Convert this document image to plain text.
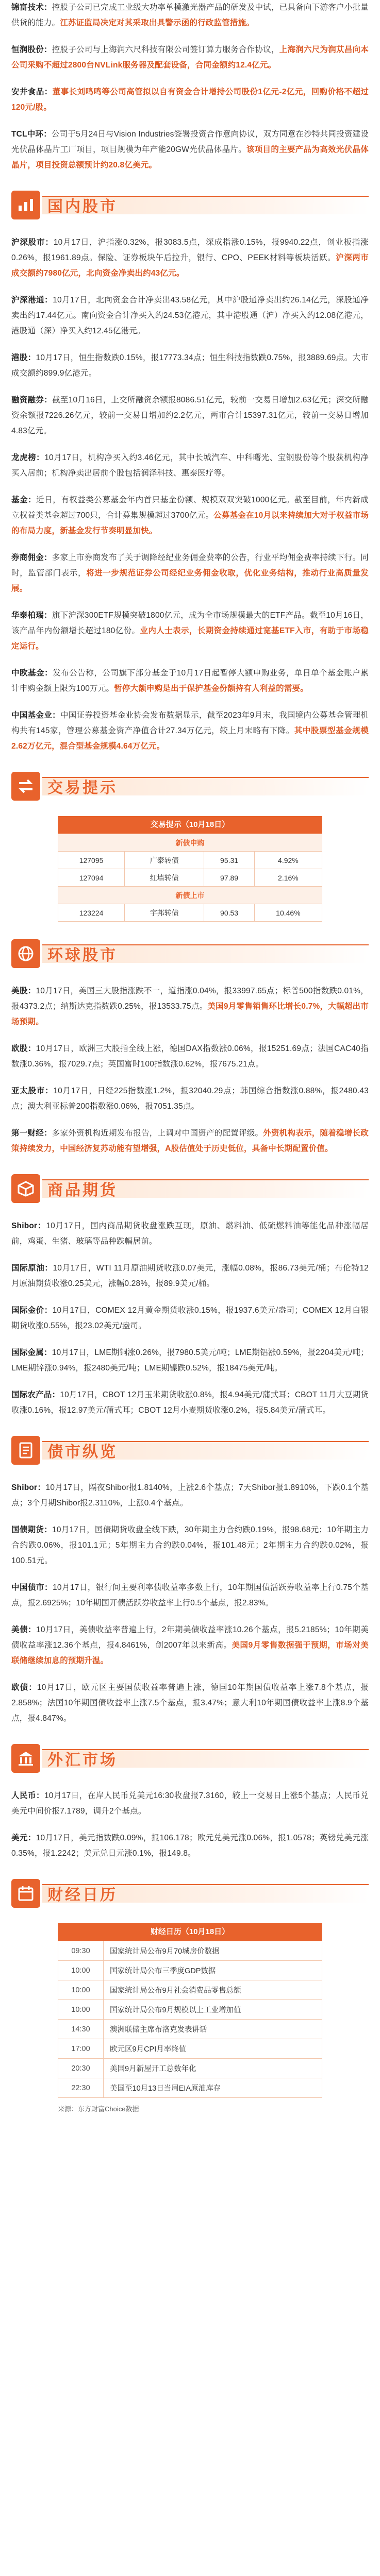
锦富技术：控股子公司已完成工业级大功率单模激光器产品的研发及中试，已具备向下游客户小批量供货的能力。江苏证监局决定对其采取出具警示函的行政监管措施。

恒润股份：控股子公司与上海润六尺科技有限公司签订算力服务合作协议，上海润六尺为润苁昌向本公司采购不超过2800台NVLink服务器及配套设备，合同金额约12.4亿元。

安井食品：董事长刘鸣鸣等公司高管拟以自有资金合计增持公司股份1亿元-2亿元，回购价格不超过120元/股。

TCL中环：公司于5月24日与Vision Industries签署投资合作意向协议，双方同意在沙特共同投资建设光伏晶体晶片工厂项目，项目规模为年产能20GW光伏晶体晶片。该项目的主要产品为高效光伏晶体晶片，项目投资总额预计约20.8亿美元。

国内股市

沪深股市：10月17日，沪指涨0.32%，报3083.5点，深成指涨0.15%，报9940.22点，创业板指涨0.26%，报1961.89点。保险、证券板块午后拉升，银行、CPO、PEEK材料等板块活跃。沪深两市成交额约7980亿元，北向资金净卖出约43亿元。

沪深港通：10月17日，北向资金合计净卖出43.58亿元，其中沪股通净卖出约26.14亿元，深股通净卖出约17.44亿元。南向资金合计净买入约24.53亿港元，其中港股通（沪）净买入约12.08亿港元，港股通（深）净买入约12.45亿港元。

港股：10月17日，恒生指数跌0.15%，报17773.34点；恒生科技指数跌0.75%，报3889.69点。大市成交额约899.9亿港元。

融资融券：截至10月16日，上交所融资余额报8086.51亿元，较前一交易日增加2.63亿元；深交所融资余额报7226.26亿元，较前一交易日增加约2.2亿元，两市合计15397.31亿元，较前一交易日增加4.83亿元。

龙虎榜：10月17日，机构净买入约3.46亿元，其中长城汽车、中科曙光、宝钢股份等个股获机构净买入居前；机构净卖出居前个股包括润泽科技、惠泰医疗等。

基金：近日，有权益类公募基金年内首只基金份额、规模双双突破1000亿元。截至目前，年内新成立权益类基金超过700只，合计募集规模超过3700亿元。公募基金在10月以来持续加大对于权益市场的布局力度，新基金发行节奏明显加快。

券商佣金：多家上市券商发布了关于调降经纪业务佣金费率的公告，行业平均佣金费率持续下行。同时，监管部门表示，将进一步规范证券公司经纪业务佣金收取，优化业务结构，推动行业高质量发展。

华泰柏瑞：旗下沪深300ETF规模突破1800亿元，成为全市场规模最大的ETF产品。截至10月16日，该产品年内份额增长超过180亿份。业内人士表示，长期资金持续通过宽基ETF入市，有助于市场稳定运行。

中欧基金：发布公告称，公司旗下部分基金于10月17日起暂停大额申购业务，单日单个基金账户累计申购金额上限为100万元。暂停大额申购是出于保护基金份额持有人利益的需要。

中国基金业：中国证券投资基金业协会发布数据显示，截至2023年9月末，我国境内公募基金管理机构共有145家，管理公募基金资产净值合计27.34万亿元，较上月末略有下降。其中股票型基金规模2.62万亿元，混合型基金规模4.64万亿元。

交易提示
交易提示（10月18日）
新债申购			
127095	广泰转债	95.31	4.92%
127094	红墙转债	97.89	2.16%
新债上市			
123224	宇邦转债	90.53	10.46%
环球股市

美股：10月17日，美国三大股指涨跌不一，道指涨0.04%，报33997.65点；标普500指数跌0.01%，报4373.2点；纳斯达克指数跌0.25%，报13533.75点。美国9月零售销售环比增长0.7%，大幅超出市场预期。

欧股：10月17日，欧洲三大股指全线上涨，德国DAX指数涨0.06%，报15251.69点；法国CAC40指数涨0.36%，报7029.7点；英国富时100指数涨0.62%，报7675.21点。

亚太股市：10月17日，日经225指数涨1.2%，报32040.29点；韩国综合指数涨0.88%，报2480.43点；澳大利亚标普200指数涨0.06%，报7051.35点。

第一财经：多家外资机构近期发布报告，上调对中国资产的配置评级。外资机构表示，随着稳增长政策持续发力，中国经济复苏动能有望增强，A股估值处于历史低位，具备中长期配置价值。

商品期货

Shibor：10月17日，国内商品期货收盘涨跌互现，原油、燃料油、低硫燃料油等能化品种涨幅居前，鸡蛋、生猪、玻璃等品种跌幅居前。

国际原油：10月17日，WTI 11月原油期货收涨0.07美元，涨幅0.08%，报86.73美元/桶；布伦特12月原油期货收涨0.25美元，涨幅0.28%，报89.9美元/桶。

国际金价：10月17日，COMEX 12月黄金期货收涨0.15%，报1937.6美元/盎司；COMEX 12月白银期货收涨0.55%，报23.02美元/盎司。

国际金属：10月17日，LME期铜涨0.26%，报7980.5美元/吨；LME期铝涨0.59%，报2204美元/吨；LME期锌涨0.94%，报2480美元/吨；LME期镍跌0.52%，报18475美元/吨。

国际农产品：10月17日，CBOT 12月玉米期货收涨0.8%，报4.94美元/蒲式耳；CBOT 11月大豆期货收涨0.16%，报12.97美元/蒲式耳；CBOT 12月小麦期货收涨0.2%，报5.84美元/蒲式耳。

债市纵览

Shibor：10月17日，隔夜Shibor报1.8140%，上涨2.6个基点；7天Shibor报1.8910%，下跌0.1个基点；3个月期Shibor报2.3110%，上涨0.4个基点。

国债期货：10月17日，国债期货收盘全线下跌，30年期主力合约跌0.19%，报98.68元；10年期主力合约跌0.06%，报101.1元；5年期主力合约跌0.04%，报101.48元；2年期主力合约跌0.02%，报100.51元。

中国债市：10月17日，银行间主要利率债收益率多数上行，10年期国债活跃券收益率上行0.75个基点，报2.6925%；10年期国开债活跃券收益率上行0.5个基点，报2.83%。

美债：10月17日，美债收益率普遍上行，2年期美债收益率涨10.26个基点，报5.2185%；10年期美债收益率涨12.36个基点，报4.8461%，创2007年以来新高。美国9月零售数据强于预期，市场对美联储继续加息的预期升温。

欧债：10月17日，欧元区主要国债收益率普遍上涨，德国10年期国债收益率上涨7.8个基点，报2.858%；法国10年期国债收益率上涨7.5个基点，报3.47%；意大利10年期国债收益率上涨8.9个基点，报4.847%。

外汇市场

人民币：10月17日，在岸人民币兑美元16:30收盘报7.3160，较上一交易日上涨5个基点；人民币兑美元中间价报7.1789，调升2个基点。

美元：10月17日，美元指数跌0.09%，报106.178；欧元兑美元涨0.06%，报1.0578；英镑兑美元涨0.35%，报1.2242；美元兑日元涨0.1%，报149.8。

财经日历
财经日历（10月18日）
09:30	国家统计局公布9月70城房价数据
10:00	国家统计局公布三季度GDP数据
10:00	国家统计局公布9月社会消费品零售总额
10:00	国家统计局公布9月规模以上工业增加值
14:30	澳洲联储主席布洛克发表讲话
17:00	欧元区9月CPI月率终值
20:30	美国9月新屋开工总数年化
22:30	美国至10月13日当周EIA原油库存
来源：东方财富Choice数据
